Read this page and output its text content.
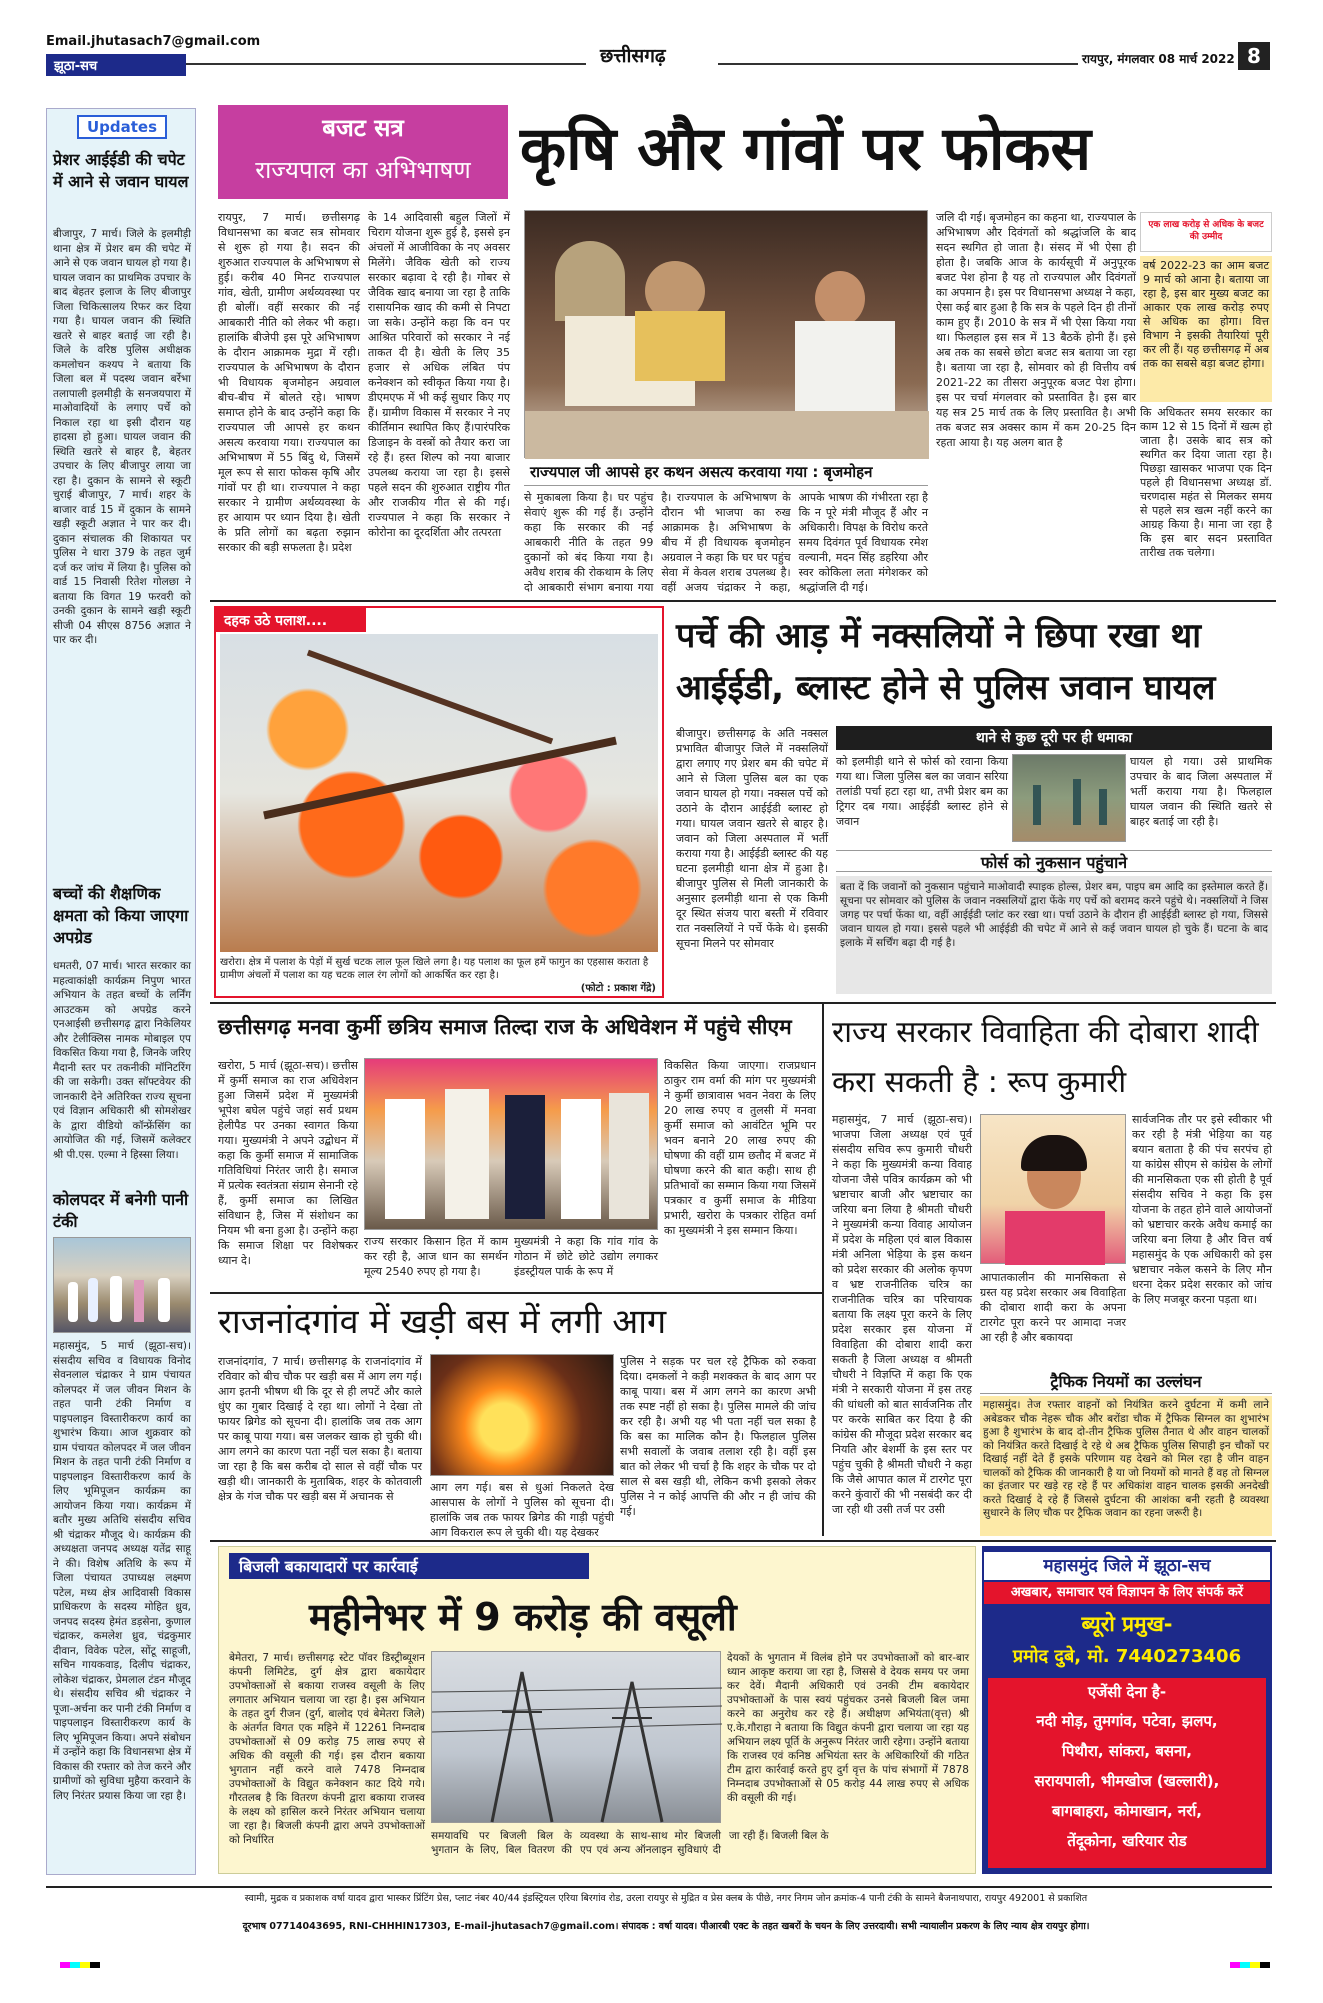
Email.jhutasach7@gmail.com
झूठा-सच	छत्तीसगढ़	रायपुर, मंगलवार 08 मार्च 2022 8
Updates
प्रेशर आईईडी की चपेट में आने से जवान घायल
बीजापुर, 7 मार्च। जिले के इलमीड़ी थाना क्षेत्र में प्रेशर बम की चपेट में आने से एक जवान घायल हो गया है। घायल जवान का प्राथमिक उपचार के बाद बेहतर इलाज के लिए बीजापुर जिला चिकित्सालय रिफर कर दिया गया है। घायल जवान की स्थिति खतरे से बाहर बताई जा रही है। जिले के वरिष्ठ पुलिस अधीक्षक कमलोचन कश्यप ने बताया कि जिला बल में पदस्थ जवान बर्रेभा तलापाली इलमीड़ी के सनजयपारा में माओवादियों के लगाए पर्चे को निकाल रहा था इसी दौरान यह हादसा हो हुआ। घायल जवान की स्थिति खतरे से बाहर है, बेहतर उपचार के लिए बीजापुर लाया जा रहा है। दुकान के सामने से स्कूटी चुराई बीजापुर, 7 मार्च। शहर के बाजार वार्ड 15 में दुकान के सामने खड़ी स्कूटी अज्ञात ने पार कर दी। दुकान संचालक की शिकायत पर पुलिस ने धारा 379 के तहत जुर्म दर्ज कर जांच में लिया है। पुलिस को वार्ड 15 निवासी रितेश गोलछा ने बताया कि विगत 19 फरवरी को उनकी दुकान के सामने खड़ी स्कूटी सीजी 04 सीएस 8756 अज्ञात ने पार कर दी।
बच्चों की शैक्षणिक क्षमता को किया जाएगा अपग्रेड
धमतरी, 07 मार्च। भारत सरकार का महत्वाकांक्षी कार्यक्रम निपुण भारत अभियान के तहत बच्चों के लर्निंग आउटकम को अपग्रेड करने एनआईसी छत्तीसगढ़ द्वारा निकेलियर और टेलीक्लिस नामक मोबाइल एप विकसित किया गया है, जिनके जरिए मैदानी स्तर पर तकनीकी मॉनिटरिंग की जा सकेगी। उक्त सॉफ्टवेयर की जानकारी देने अतिरिक्त राज्य सूचना एवं विज्ञान अधिकारी श्री सोमशेखर के द्वारा वीडियो कॉन्फ्रेंसिंग का आयोजित की गई, जिसमें कलेक्टर श्री पी.एस. एल्मा ने हिस्सा लिया।
कोलपदर में बनेगी पानी टंकी
महासमुंद, 5 मार्च (झूठा-सच)। संसदीय सचिव व विधायक विनोद सेवनलाल चंद्राकर ने ग्राम पंचायत कोलपदर में जल जीवन मिशन के तहत पानी टंकी निर्माण व पाइपलाइन विस्तारीकरण कार्य का शुभारंभ किया। आज शुक्रवार को ग्राम पंचायत कोलपदर में जल जीवन मिशन के तहत पानी टंकी निर्माण व पाइपलाइन विस्तारीकरण कार्य के लिए भूमिपूजन कार्यक्रम का आयोजन किया गया। कार्यक्रम में बतौर मुख्य अतिथि संसदीय सचिव श्री चंद्राकर मौजूद थे। कार्यक्रम की अध्यक्षता जनपद अध्यक्ष यतेंद्र साहू ने की। विशेष अतिथि के रूप में जिला पंचायत उपाध्यक्ष लक्ष्मण पटेल, मध्य क्षेत्र आदिवासी विकास प्राधिकरण के सदस्य मोहित ध्रुव, जनपद सदस्य हेमंत डड़सेना, कुणाल चंद्राकर, कमलेश ध्रुव, चंद्रकुमार दीवान, विवेक पटेल, सोंटू साहूजी, सचिन गायकवाड़, दिलीप चंद्राकर, लोकेश चंद्राकर, प्रेमलाल टंडन मौजूद थे। संसदीय सचिव श्री चंद्राकर ने पूजा-अर्चना कर पानी टंकी निर्माण व पाइपलाइन विस्तारीकरण कार्य के लिए भूमिपूजन किया। अपने संबोधन में उन्होंने कहा कि विधानसभा क्षेत्र में विकास की रफ्तार को तेज करने और ग्रामीणों को सुविधा मुहैया करवाने के लिए निरंतर प्रयास किया जा रहा है।
बजट सत्र
राज्यपाल का अभिभाषण कृषि और गांवों पर फोकस
रायपुर, 7 मार्च। छत्तीसगढ़ विधानसभा का बजट सत्र सोमवार से शुरू हो गया है। सदन की शुरुआत राज्यपाल के अभिभाषण से हुई। करीब 40 मिनट राज्यपाल गांव, खेती, ग्रामीण अर्थव्यवस्था पर ही बोलीं। वहीं सरकार की नई आबकारी नीति को लेकर भी कहा। हालांकि बीजेपी इस पूरे अभिभाषण के दौरान आक्रामक मुद्रा में रही। राज्यपाल के अभिभाषण के दौरान भी विधायक बृजमोहन अग्रवाल बीच-बीच में बोलते रहे। भाषण समाप्त होने के बाद उन्होंने कहा कि राज्यपाल जी आपसे हर कथन असत्य करवाया गया। राज्यपाल का अभिभाषण में 55 बिंदु थे, जिसमें मूल रूप से सारा फोकस कृषि और गांवों पर ही था। राज्यपाल ने कहा सरकार ने ग्रामीण अर्थव्यवस्था के हर आयाम पर ध्यान दिया है। खेती के प्रति लोगों का बढ़ता रुझान सरकार की बड़ी सफलता है। प्रदेश
के 14 आदिवासी बहुल जिलों में चिराग योजना शुरू हुई है, इससे इन अंचलों में आजीविका के नए अवसर मिलेंगे। जैविक खेती को राज्य सरकार बढ़ावा दे रही है। गोबर से जैविक खाद बनाया जा रहा है ताकि रासायनिक खाद की कमी से निपटा जा सके। उन्होंने कहा कि वन पर आश्रित परिवारों को सरकार ने नई ताकत दी है। खेती के लिए 35 हजार से अधिक लंबित पंप कनेक्शन को स्वीकृत किया गया है। डीएमएफ में भी कई सुधार किए गए हैं। ग्रामीण विकास में सरकार ने नए कीर्तिमान स्थापित किए हैं।पारंपरिक डिजाइन के वस्त्रों को तैयार करा जा रहे हैं। हस्त शिल्प को नया बाजार उपलब्ध कराया जा रहा है। इससे पहले सदन की शुरुआत राष्ट्रीय गीत और राजकीय गीत से की गई। राज्यपाल ने कहा कि सरकार ने कोरोना का दूरदर्शिता और तत्परता
राज्यपाल जी आपसे हर कथन असत्य करवाया गया : बृजमोहन
से मुकाबला किया है। घर पहुंच सेवाएं शुरू की गई हैं। उन्होंने कहा कि सरकार की नई आबकारी नीति के तहत 99 दुकानों को बंद किया गया है। अवैध शराब की रोकथाम के लिए दो आबकारी संभाग बनाया गया है। राज्यपाल के अभिभाषण के दौरान भी भाजपा का रुख आक्रामक है। अभिभाषण के बीच में ही विधायक बृजमोहन अग्रवाल ने कहा कि घर घर पहुंच सेवा में केवल शराब उपलब्ध है। वहीं अजय चंद्राकर ने कहा, आपके भाषण की गंभीरता रहा है कि न पूरे मंत्री मौजूद हैं और न अधिकारी। विपक्ष के विरोध करते समय दिवंगत पूर्व विधायक रमेश वल्यानी, मदन सिंह डहरिया और स्वर कोकिला लता मंगेशकर को श्रद्धांजलि दी गई।
जलि दी गई। बृजमोहन का कहना था, राज्यपाल के अभिभाषण और दिवंगतों को श्रद्धांजलि के बाद सदन स्थगित हो जाता है। संसद में भी ऐसा ही होता है। जबकि आज के कार्यसूची में अनुपूरक बजट पेश होना है यह तो राज्यपाल और दिवंगतों का अपमान है। इस पर विधानसभा अध्यक्ष ने कहा, ऐसा कई बार हुआ है कि सत्र के पहले दिन ही तीनों काम हुए हैं। 2010 के सत्र में भी ऐसा किया गया था। फिलहाल इस सत्र में 13 बैठकें होनी हैं। इसे अब तक का सबसे छोटा बजट सत्र बताया जा रहा है। बताया जा रहा है, सोमवार को ही वित्तीय वर्ष 2021-22 का तीसरा अनुपूरक बजट पेश होगा। इस पर चर्चा मंगलवार को प्रस्तावित है। इस बार यह सत्र 25 मार्च तक के लिए प्रस्तावित है। अभी तक बजट सत्र अक्सर काम में कम 20-25 दिन रहता आया है। यह अलग बात है
एक लाख करोड़ से अधिक के बजट की उम्मीद
वर्ष 2022-23 का आम बजट 9 मार्च को आना है। बताया जा रहा है, इस बार मुख्य बजट का आकार एक लाख करोड़ रुपए से अधिक का होगा। वित्त विभाग ने इसकी तैयारियां पूरी कर ली हैं। यह छत्तीसगढ़ में अब तक का सबसे बड़ा बजट होगा।
कि अधिकतर समय सरकार का काम 12 से 15 दिनों में खत्म हो जाता है। उसके बाद सत्र को स्थगित कर दिया जाता रहा है। पिछड़ा खासकर भाजपा एक दिन पहले ही विधानसभा अध्यक्ष डॉ. चरणदास महंत से मिलकर समय से पहले सत्र खत्म नहीं करने का आग्रह किया है। माना जा रहा है कि इस बार सदन प्रस्तावित तारीख तक चलेगा।
दहक उठे पलाश....
खरोरा। क्षेत्र में पलाश के पेड़ों में सुर्ख चटक लाल फूल खिले लगा है। यह पलाश का फूल हमें फागुन का एहसास कराता है ग्रामीण अंचलों में पलाश का यह चटक लाल रंग लोगों को आकर्षित कर रहा है।
(फोटो : प्रकाश गेंद्रे)
पर्चे की आड़ में नक्सलियों ने छिपा रखा था आईईडी, ब्लास्ट होने से पुलिस जवान घायल
बीजापुर। छत्तीसगढ़ के अति नक्सल प्रभावित बीजापुर जिले में नक्सलियों द्वारा लगाए गए प्रेशर बम की चपेट में आने से जिला पुलिस बल का एक जवान घायल हो गया। नक्सल पर्चे को उठाने के दौरान आईईडी ब्लास्ट हो गया। घायल जवान खतरे से बाहर है। जवान को जिला अस्पताल में भर्ती कराया गया है। आईईडी ब्लास्ट की यह घटना इलमीड़ी थाना क्षेत्र में हुआ है। बीजापुर पुलिस से मिली जानकारी के अनुसार इलमीड़ी थाना से एक किमी दूर स्थित संजय पारा बस्ती में रविवार रात नक्सलियों ने पर्चे फेंके थे। इसकी सूचना मिलने पर सोमवार
थाने से कुछ दूरी पर ही धमाका
को इलमीड़ी थाने से फोर्स को रवाना किया गया था। जिला पुलिस बल का जवान सरिया तलांडी पर्चा हटा रहा था, तभी प्रेशर बम का ट्रिगर दब गया। आईईडी ब्लास्ट होने से जवान
घायल हो गया। उसे प्राथमिक उपचार के बाद जिला अस्पताल में भर्ती कराया गया है। फिलहाल घायल जवान की स्थिति खतरे से बाहर बताई जा रही है।
फोर्स को नुकसान पहुंचाने
बता दें कि जवानों को नुकसान पहुंचाने माओवादी स्पाइक होल्स, प्रेशर बम, पाइप बम आदि का इस्तेमाल करते हैं। सूचना पर सोमवार को पुलिस के जवान नक्सलियों द्वारा फेंके गए पर्चे को बरामद करने पहुंचे थे। नक्सलियों ने जिस जगह पर पर्चा फेंका था, वहीं आईईडी प्लांट कर रखा था। पर्चा उठाने के दौरान ही आईईडी ब्लास्ट हो गया, जिससे जवान घायल हो गया। इससे पहले भी आईईडी की चपेट में आने से कई जवान घायल हो चुके हैं। घटना के बाद इलाके में सर्चिंग बढ़ा दी गई है।
छत्तीसगढ़ मनवा कुर्मी छत्रिय समाज तिल्दा राज के अधिवेशन में पहुंचे सीएम
खरोरा, 5 मार्च (झूठा-सच)। छत्तीस में कुर्मी समाज का राज अधिवेशन हुआ जिसमें प्रदेश में मुख्यमंत्री भूपेश बघेल पहुंचे जहां सर्व प्रथम हेलीपैड पर उनका स्वागत किया गया। मुख्यमंत्री ने अपने उद्बोधन में कहा कि कुर्मी समाज में सामाजिक गतिविधियां निरंतर जारी है। समाज में प्रत्येक स्वतंत्रता संग्राम सेनानी रहे हैं, कुर्मी समाज का लिखित संविधान है, जिस में संशोधन का नियम भी बना हुआ है। उन्होंने कहा कि समाज शिक्षा पर विशेषकर ध्यान दे।
विकसित किया जाएगा। राजप्रधान ठाकुर राम वर्मा की मांग पर मुख्यमंत्री ने कुर्मी छात्रावास भवन नेवरा के लिए 20 लाख रुपए व तुलसी में मनवा कुर्मी समाज को आवंटित भूमि पर भवन बनाने 20 लाख रुपए की घोषणा की वहीं ग्राम छतौद में बजट में घोषणा करने की बात कही। साथ ही प्रतिभावों का सम्मान किया गया जिसमें पत्रकार व कुर्मी समाज के मीडिया प्रभारी, खरोरा के पत्रकार रोहित वर्मा का मुख्यमंत्री ने इस सम्मान किया।
राज्य सरकार किसान हित में काम कर रही है, आज धान का समर्थन मूल्य 2540 रुपए हो गया है।
मुख्यमंत्री ने कहा कि गांव गांव के गोठान में छोटे छोटे उद्योग लगाकर इंडस्ट्रीयल पार्क के रूप में
राजनांदगांव में खड़ी बस में लगी आग
राजनांदगांव, 7 मार्च। छत्तीसगढ़ के राजनांदगांव में रविवार को बीच चौक पर खड़ी बस में आग लग गई। आग इतनी भीषण थी कि दूर से ही लपटें और काले धुंए का गुबार दिखाई दे रहा था। लोगों ने देखा तो फायर ब्रिगेड को सूचना दी। हालांकि जब तक आग पर काबू पाया गया। बस जलकर खाक हो चुकी थी। आग लगने का कारण पता नहीं चल सका है। बताया जा रहा है कि बस करीब दो साल से वहीं चौक पर खड़ी थी। जानकारी के मुताबिक, शहर के कोतवाली क्षेत्र के गंज चौक पर खड़ी बस में अचानक से
आग लग गई। बस से धुआं निकलते देख आसपास के लोगों ने पुलिस को सूचना दी। हालांकि जब तक फायर ब्रिगेड की गाड़ी पहुंची आग विकराल रूप ले चुकी थी। यह देखकर
पुलिस ने सड़क पर चल रहे ट्रैफिक को रुकवा दिया। दमकलों ने कड़ी मशक्कत के बाद आग पर काबू पाया। बस में आग लगने का कारण अभी तक स्पष्ट नहीं हो सका है। पुलिस मामले की जांच कर रही है। अभी यह भी पता नहीं चल सका है कि बस का मालिक कौन है। फिलहाल पुलिस सभी सवालों के जवाब तलाश रही है। वहीं इस बात को लेकर भी चर्चा है कि शहर के चौक पर दो साल से बस खड़ी थी, लेकिन कभी इसको लेकर पुलिस ने न कोई आपत्ति की और न ही जांच की गई।
राज्य सरकार विवाहिता की दोबारा शादी करा सकती है : रूप कुमारी
महासमुंद, 7 मार्च (झूठा-सच)। भाजपा जिला अध्यक्ष एवं पूर्व संसदीय सचिव रूप कुमारी चौधरी ने कहा कि मुख्यमंत्री कन्या विवाह योजना जैसे पवित्र कार्यक्रम को भी भ्रष्टाचार बाजी और भ्रष्टाचार का जरिया बना लिया है श्रीमती चौधरी ने मुख्यमंत्री कन्या विवाह आयोजन में प्रदेश के महिला एवं बाल विकास मंत्री अनिला भेड़िया के इस कथन को प्रदेश सरकार की अलोक कृपण व भ्रष्ट राजनीतिक चरित्र का राजनीतिक चरित्र का परिचायक बताया कि लक्ष्य पूरा करने के लिए प्रदेश सरकार इस योजना में विवाहिता की दोबारा शादी करा सकती है जिला अध्यक्ष व श्रीमती चौधरी ने विज्ञप्ति में कहा कि एक मंत्री ने सरकारी योजना में इस तरह की धांधली को बात सार्वजनिक तौर पर करके साबित कर दिया है की कांग्रेस की मौजूदा प्रदेश सरकार बद नियति और बेशर्मी के इस स्तर पर पहुंच चुकी है श्रीमती चौधरी ने कहा कि जैसे आपात काल में टारगेट पूरा करने कुंवारों की भी नसबंदी कर दी जा रही थी उसी तर्ज पर उसी
आपातकालीन की मानसिकता से ग्रस्त यह प्रदेश सरकार अब विवाहिता की दोबारा शादी करा के अपना टारगेट पूरा करने पर आमादा नजर आ रही है और बकायदा
सार्वजनिक तौर पर इसे स्वीकार भी कर रही है मंत्री भेड़िया का यह बयान बताता है की पंच सरपंच हो या कांग्रेस सीएम से कांग्रेस के लोगों की मानसिकता एक सी होती है पूर्व संसदीय सचिव ने कहा कि इस योजना के तहत होने वाले आयोजनों को भ्रष्टाचार करके अवैध कमाई का जरिया बना लिया है और वित्त वर्ष महासमुंद के एक अधिकारी को इस भ्रष्टाचार नकेल कसने के लिए मौन धरना देकर प्रदेश सरकार को जांच के लिए मजबूर करना पड़ता था।
ट्रैफिक नियमों का उल्लंघन
महासमुंद। तेज रफ्तार वाहनों को नियंत्रित करने दुर्घटना में कमी लाने अबेडकर चौक नेहरू चौक और बरोंडा चौक में ट्रैफिक सिग्नल का शुभारंभ हुआ है शुभारंभ के बाद दो-तीन ट्रैफिक पुलिस तैनात थे और वाहन चालकों को नियंत्रित करते दिखाई दे रहे थे अब ट्रैफिक पुलिस सिपाही इन चौकों पर दिखाई नहीं देते हैं इसके परिणाम यह देखने को मिल रहा है जीन वाहन चालकों को ट्रैफिक की जानकारी है या जो नियमों को मानते हैं वह तो सिग्नल का इंतजार पर खड़े रह रहे हैं पर अधिकांश वाहन चालक इसकी अनदेखी करते दिखाई दे रहे हैं जिससे दुर्घटना की आशंका बनी रहती है व्यवस्था सुधारने के लिए चौक पर ट्रैफिक जवान का रहना जरूरी है।
बिजली बकायादारों पर कार्रवाई
महीनेभर में 9 करोड़ की वसूली
बेमेतरा, 7 मार्च। छत्तीसगढ़ स्टेट पॉवर डिस्ट्रीब्यूशन कंपनी लिमिटेड, दुर्ग क्षेत्र द्वारा बकायेदार उपभोक्ताओं से बकाया राजस्व वसूली के लिए लगातार अभियान चलाया जा रहा है। इस अभियान के तहत दुर्ग रीजन (दुर्ग, बालोद एवं बेमेतरा जिले) के अंतर्गत विगत एक महिने में 12261 निम्नदाब उपभोक्ताओं से 09 करोड़ 75 लाख रुपए से अधिक की वसूली की गई। इस दौरान बकाया भुगतान नहीं करने वाले 7478 निम्नदाब उपभोक्ताओं के विद्युत कनेक्शन काट दिये गये। गौरतलब है कि वितरण कंपनी द्वारा बकाया राजस्व के लक्ष्य को हासिल करने निरंतर अभियान चलाया जा रहा है। बिजली कंपनी द्वारा अपने उपभोक्ताओं को निर्धारित	समयावधि पर बिजली बिल के भुगतान के लिए, बिल वितरण की व्यवस्था के साथ-साथ मोर बिजली एप एवं अन्य ऑनलाइन सुविधाएं दी जा रही हैं। बिजली बिल के
देयकों के भुगतान में विलंब होने पर उपभोक्ताओं को बार-बार ध्यान आकृष्ट कराया जा रहा है, जिससे वे देयक समय पर जमा कर देवें। मैदानी अधिकारी एवं उनकी टीम बकायेदार उपभोक्ताओं के पास स्वयं पहुंचकर उनसे बिजली बिल जमा करने का अनुरोध कर रहे हैं। अधीक्षण अभियंता(वृत्त) श्री ए.के.गौराहा ने बताया कि विद्युत कंपनी द्वारा चलाया जा रहा यह अभियान लक्ष्य पूर्ति के अनुरूप निरंतर जारी रहेगा। उन्होंने बताया कि राजस्व एवं कनिष्ठ अभियंता स्तर के अधिकारियों की गठित टीम द्वारा कार्रवाई करते हुए दुर्ग वृत्त के पांच संभागों में 7878 निम्नदाब उपभोक्ताओं से 05 करोड़ 44 लाख रुपए से अधिक की वसूली की गई।
महासमुंद जिले में झूठा-सच
अखबार, समाचार एवं विज्ञापन के लिए संपर्क करें
ब्यूरो प्रमुख-
प्रमोद दुबे, मो. 7440273406
एजेंसी देना है-
नदी मोड़, तुमगांव, पटेवा, झलप,
पिथौरा, सांकरा, बसना,
सरायपाली, भीमखोज (खल्लारी),
बागबाहरा, कोमाखान, नर्रा,
तेंदूकोना, खरियार रोड
स्वामी, मुद्रक व प्रकाशक वर्षा यादव द्वारा भास्कर प्रिंटिंग प्रेस, प्लाट नंबर 40/44 इंडस्ट्रियल एरिया बिरगांव रोड, उरला रायपुर से मुद्रित व प्रेस क्लब के पीछे, नगर निगम जोन क्रमांक-4 पानी टंकी के सामने बैजनाथपारा, रायपुर 492001 से प्रकाशित
दूरभाष 07714043695, RNI-CHHHIN17303, E-mail-jhutasach7@gmail.com। संपादक : वर्षा यादव। पीआरबी एक्ट के तहत खबरों के चयन के लिए उत्तरदायी। सभी न्यायालीन प्रकरण के लिए न्याय क्षेत्र रायपुर होगा।
